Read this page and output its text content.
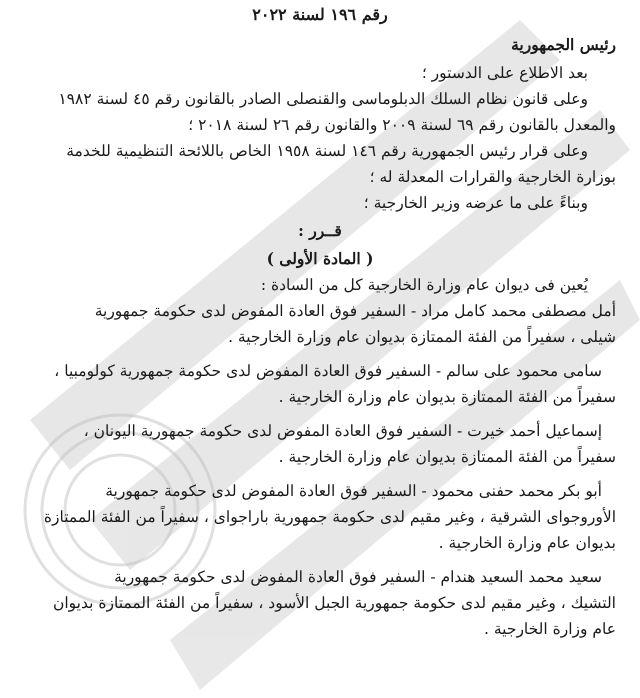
رقم ١٩٦ لسنة ٢٠٢٢
رئيس الجمهورية
بعد الاطلاع على الدستور ؛
وعلى قانون نظام السلك الدبلوماسى والقنصلى الصادر بالقانون رقم ٤٥ لسنة ١٩٨٢
والمعدل بالقانون رقم ٦٩ لسنة ٢٠٠٩ والقانون رقم ٢٦ لسنة ٢٠١٨ ؛
وعلى قرار رئيس الجمهورية رقم ١٤٦ لسنة ١٩٥٨ الخاص باللائحة التنظيمية للخدمة
بوزارة الخارجية والقرارات المعدلة له ؛
وبناءً على ما عرضه وزير الخارجية ؛
قــرر :
( المادة الأولى )
يُعين فى ديوان عام وزارة الخارجية كل من السادة :
أمل مصطفى محمد كامل مراد - السفير فوق العادة المفوض لدى حكومة جمهورية
شيلى ، سفيراً من الفئة الممتازة بديوان عام وزارة الخارجية .
سامى محمود على سالم - السفير فوق العادة المفوض لدى حكومة جمهورية كولومبيا ،
سفيراً من الفئة الممتازة بديوان عام وزارة الخارجية .
إسماعيل أحمد خيرت - السفير فوق العادة المفوض لدى حكومة جمهورية اليونان ،
سفيراً من الفئة الممتازة بديوان عام وزارة الخارجية .
أبو بكر محمد حفنى محمود - السفير فوق العادة المفوض لدى حكومة جمهورية
الأوروجواى الشرقية ، وغير مقيم لدى حكومة جمهورية باراجواى ، سفيراً من الفئة الممتازة
بديوان عام وزارة الخارجية .
سعيد محمد السعيد هندام - السفير فوق العادة المفوض لدى حكومة جمهورية
التشيك ، وغير مقيم لدى حكومة جمهورية الجبل الأسود ، سفيراً من الفئة الممتازة بديوان
عام وزارة الخارجية .
